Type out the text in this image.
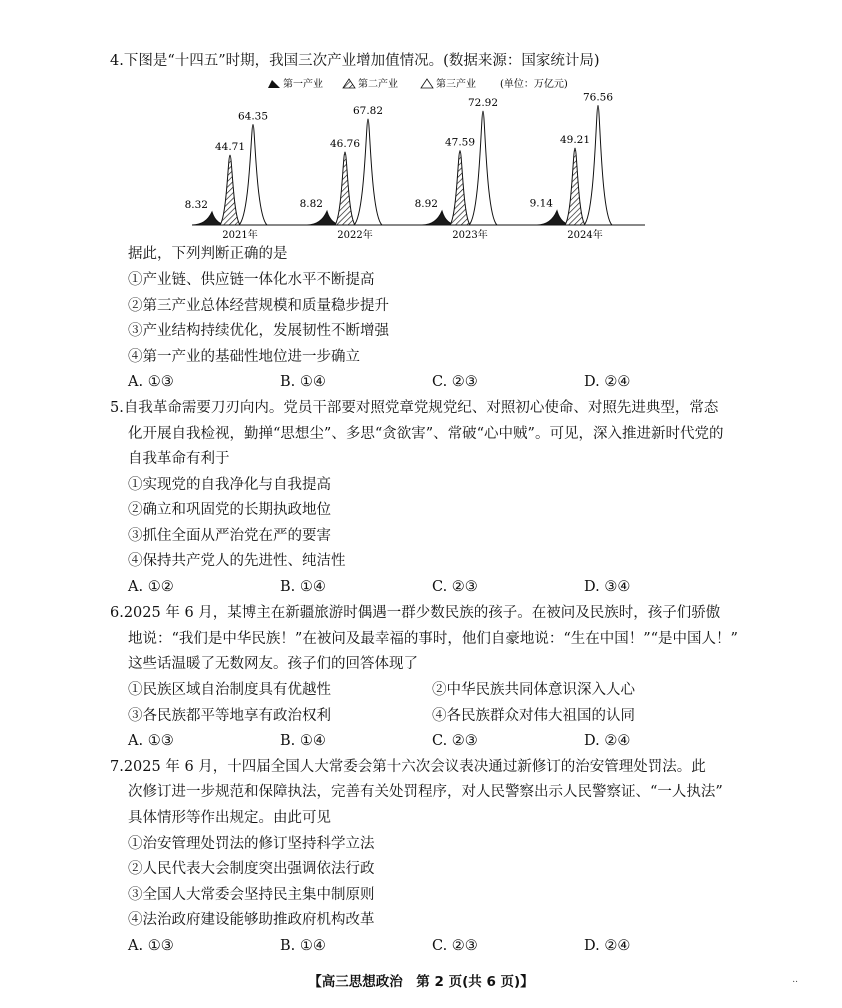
4.下图是“十四五”时期，我国三次产业增加值情况。(数据来源：国家统计局)
第一产业	第二产业	第三产业 (单位：万亿元)
8.32
44.71
64.35
8.82
46.76
67.82
8.92
47.59
72.92
9.14
49.21
76.56
2021年	2022年	2023年	2024年
据此，下列判断正确的是
①产业链、供应链一体化水平不断提高
②第三产业总体经营规模和质量稳步提升
③产业结构持续优化，发展韧性不断增强
④第一产业的基础性地位进一步确立
A. ①③	B. ①④	C. ②③	D. ②④
5.自我革命需要刀刃向内。党员干部要对照党章党规党纪、对照初心使命、对照先进典型，常态
化开展自我检视，勤掸“思想尘”、多思“贪欲害”、常破“心中贼”。可见，深入推进新时代党的
自我革命有利于
①实现党的自我净化与自我提高
②确立和巩固党的长期执政地位
③抓住全面从严治党在严的要害
④保持共产党人的先进性、纯洁性
A. ①②	B. ①④	C. ②③	D. ③④
6.2025 年 6 月，某博主在新疆旅游时偶遇一群少数民族的孩子。在被问及民族时，孩子们骄傲
地说：“我们是中华民族！”在被问及最幸福的事时，他们自豪地说：“生在中国！”“是中国人！”
这些话温暖了无数网友。孩子们的回答体现了
①民族区域自治制度具有优越性	②中华民族共同体意识深入人心
③各民族都平等地享有政治权利	④各民族群众对伟大祖国的认同
A. ①③	B. ①④	C. ②③	D. ②④
7.2025 年 6 月，十四届全国人大常委会第十六次会议表决通过新修订的治安管理处罚法。此
次修订进一步规范和保障执法，完善有关处罚程序，对人民警察出示人民警察证、“一人执法”
具体情形等作出规定。由此可见
①治安管理处罚法的修订坚持科学立法
②人民代表大会制度突出强调依法行政
③全国人大常委会坚持民主集中制原则
④法治政府建设能够助推政府机构改革
A. ①③	B. ①④	C. ②③	D. ②④
【高三思想政治　第 2 页(共 6 页)】	..
